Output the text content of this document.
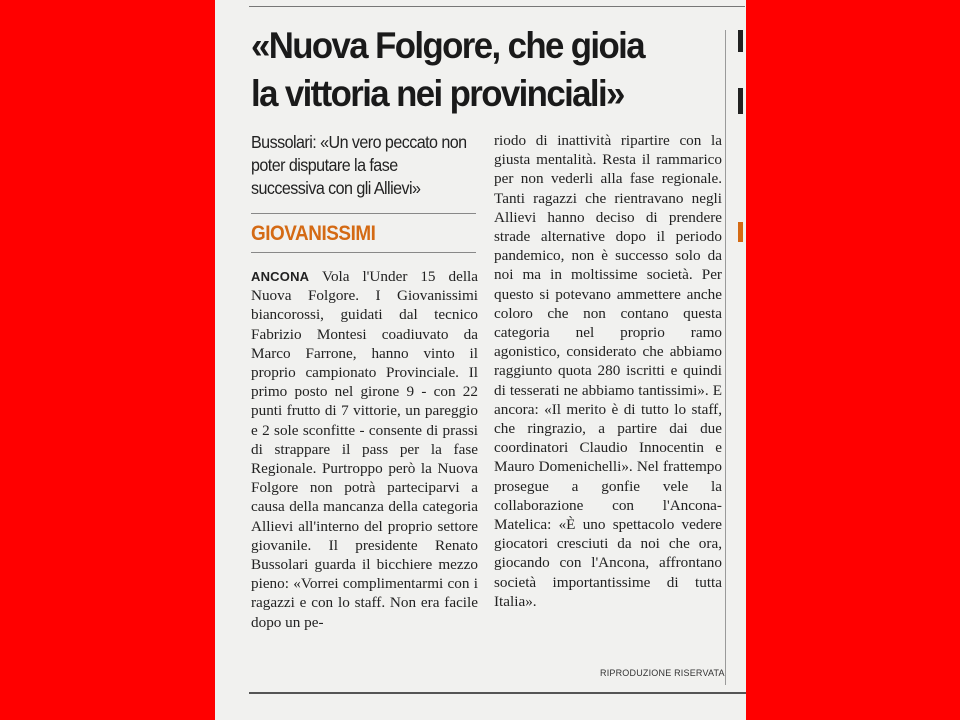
«Nuova Folgore, che gioia
la vittoria nei provinciali»
Bussolari: «Un vero peccato non poter disputare la fase successiva con gli Allievi»
GIOVANISSIMI

ANCONA Vola l'Under 15 della Nuova Folgore. I Giovanissimi biancorossi, guidati dal tecnico Fabrizio Montesi coadiuvato da Marco Farrone, hanno vinto il proprio campionato Provinciale. Il primo posto nel girone 9 - con 22 punti frutto di 7 vittorie, un pareggio e 2 sole sconfitte - consente di prassi di strappare il pass per la fase Regionale. Purtroppo però la Nuova Folgore non potrà parteciparvi a causa della mancanza della categoria Allievi all'interno del proprio settore giovanile. Il presidente Renato Bussolari guarda il bicchiere mezzo pieno: «Vorrei complimentarmi con i ragazzi e con lo staff. Non era facile dopo un pe-

riodo di inattività ripartire con la giusta mentalità. Resta il rammarico per non vederli alla fase regionale. Tanti ragazzi che rientravano negli Allievi hanno deciso di prendere strade alternative dopo il periodo pandemico, non è successo solo da noi ma in moltissime società. Per questo si potevano ammettere anche coloro che non contano questa categoria nel proprio ramo agonistico, considerato che abbiamo raggiunto quota 280 iscritti e quindi di tesserati ne abbiamo tantissimi». E ancora: «Il merito è di tutto lo staff, che ringrazio, a partire dai due coordinatori Claudio Innocentin e Mauro Domenichelli». Nel frattempo prosegue a gonfie vele la collaborazione con l'Ancona-Matelica: «È uno spettacolo vedere giocatori cresciuti da noi che ora, giocando con l'Ancona, affrontano società importantissime di tutta Italia».

RIPRODUZIONE RISERVATA
